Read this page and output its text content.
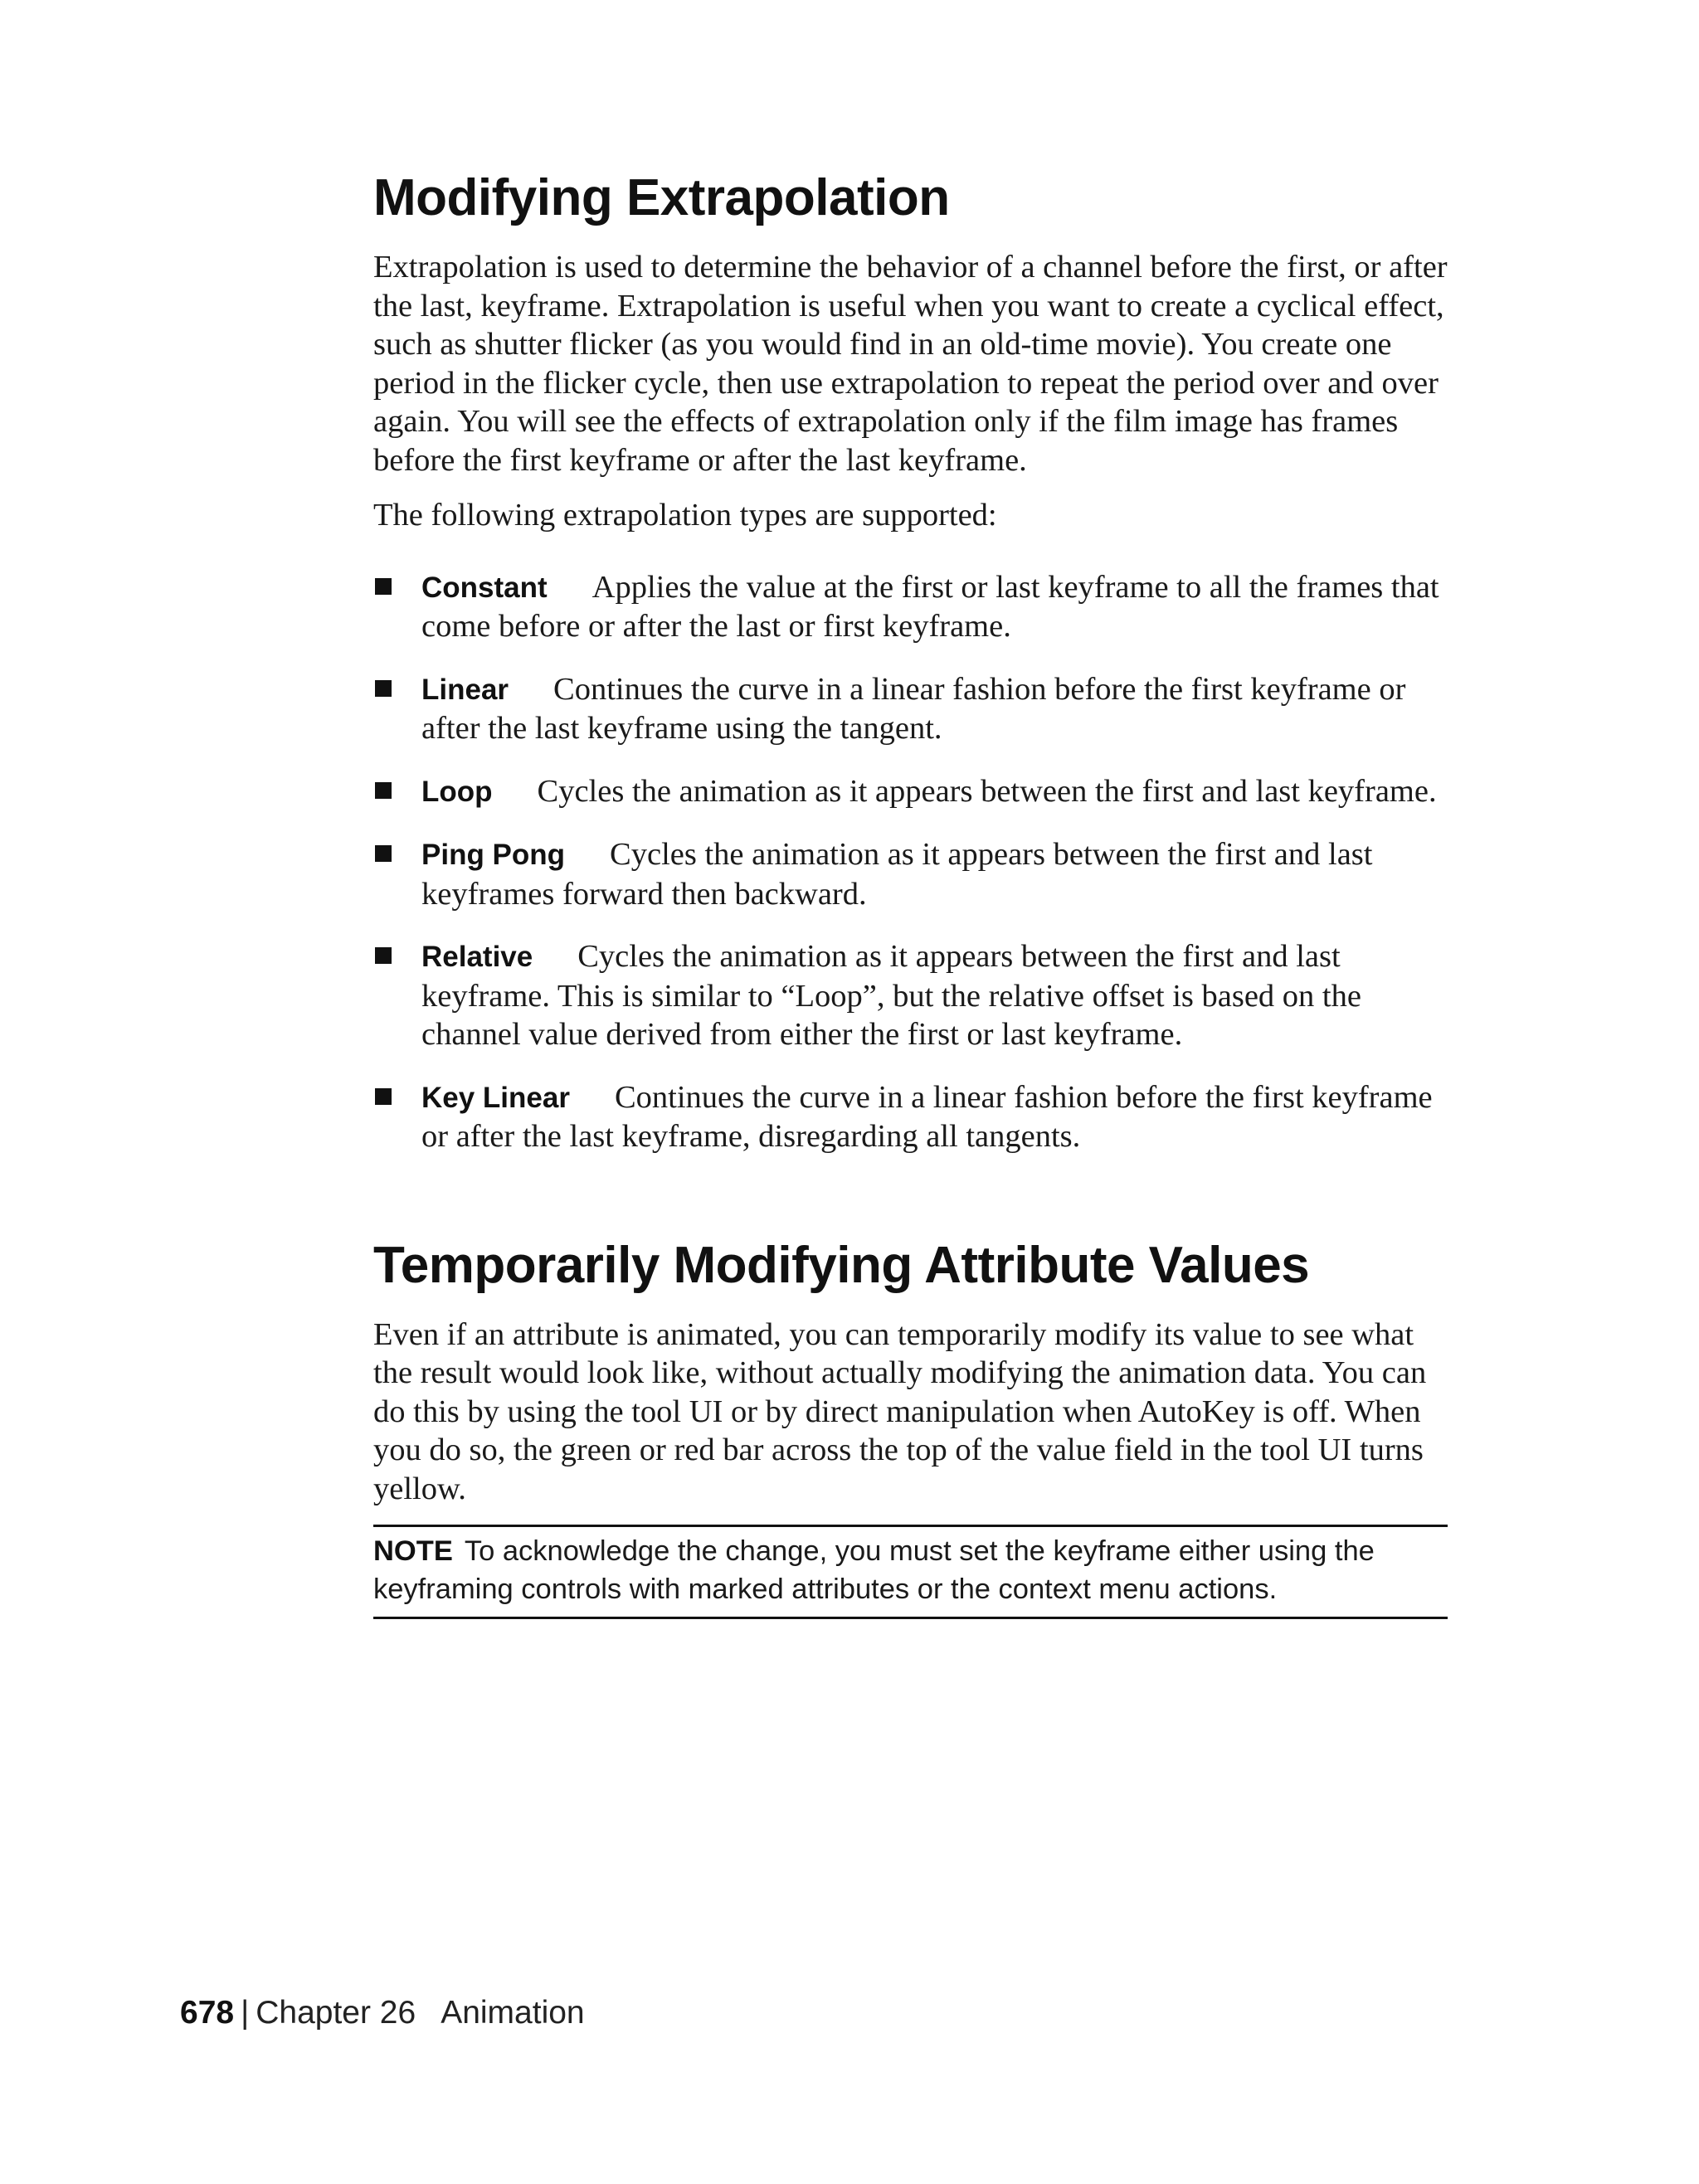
Modifying Extrapolation

Extrapolation is used to determine the behavior of a channel before the first, or after the last, keyframe. Extrapolation is useful when you want to create a cyclical effect, such as shutter flicker (as you would find in an old-time movie). You create one period in the flicker cycle, then use extrapolation to repeat the period over and over again. You will see the effects of extrapolation only if the film image has frames before the first keyframe or after the last keyframe.

The following extrapolation types are supported:

Constant Applies the value at the first or last keyframe to all the frames that come before or after the last or first keyframe.
Linear Continues the curve in a linear fashion before the first keyframe or after the last keyframe using the tangent.
Loop Cycles the animation as it appears between the first and last keyframe.
Ping Pong Cycles the animation as it appears between the first and last keyframes forward then backward.
Relative Cycles the animation as it appears between the first and last keyframe. This is similar to “Loop”, but the relative offset is based on the channel value derived from either the first or last keyframe.
Key Linear Continues the curve in a linear fashion before the first keyframe or after the last keyframe, disregarding all tangents.
Temporarily Modifying Attribute Values

Even if an attribute is animated, you can temporarily modify its value to see what the result would look like, without actually modifying the animation data. You can do this by using the tool UI or by direct manipulation when AutoKey is off. When you do so, the green or red bar across the top of the value field in the tool UI turns yellow.

NOTE To acknowledge the change, you must set the keyframe either using the keyframing controls with marked attributes or the context menu actions.
678 | Chapter 26 Animation
